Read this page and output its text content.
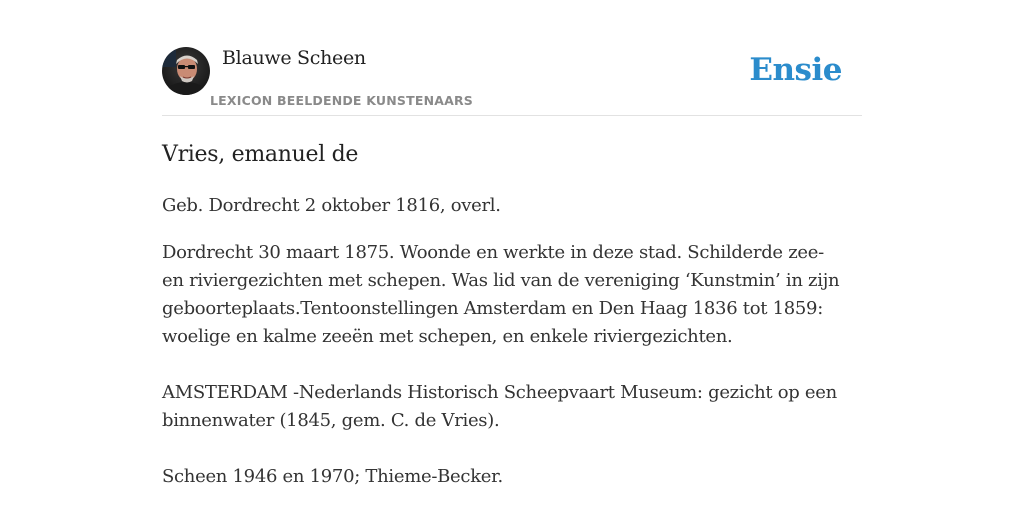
Blauwe Scheen
LEXICON BEELDENDE KUNSTENAARS
Ensie
Vries, emanuel de

Geb. Dordrecht 2 oktober 1816, overl.

Dordrecht 30 maart 1875. Woonde en werkte in deze stad. Schilderde zee- en riviergezichten met schepen. Was lid van de vereniging ‘Kunstmin’ in zijn geboorteplaats.Tentoonstellingen Amsterdam en Den Haag 1836 tot 1859: woelige en kalme zeeën met schepen, en enkele riviergezichten.

AMSTERDAM -Nederlands Historisch Scheepvaart Museum: gezicht op een binnenwater (1845, gem. C. de Vries).

Scheen 1946 en 1970; Thieme-Becker.
